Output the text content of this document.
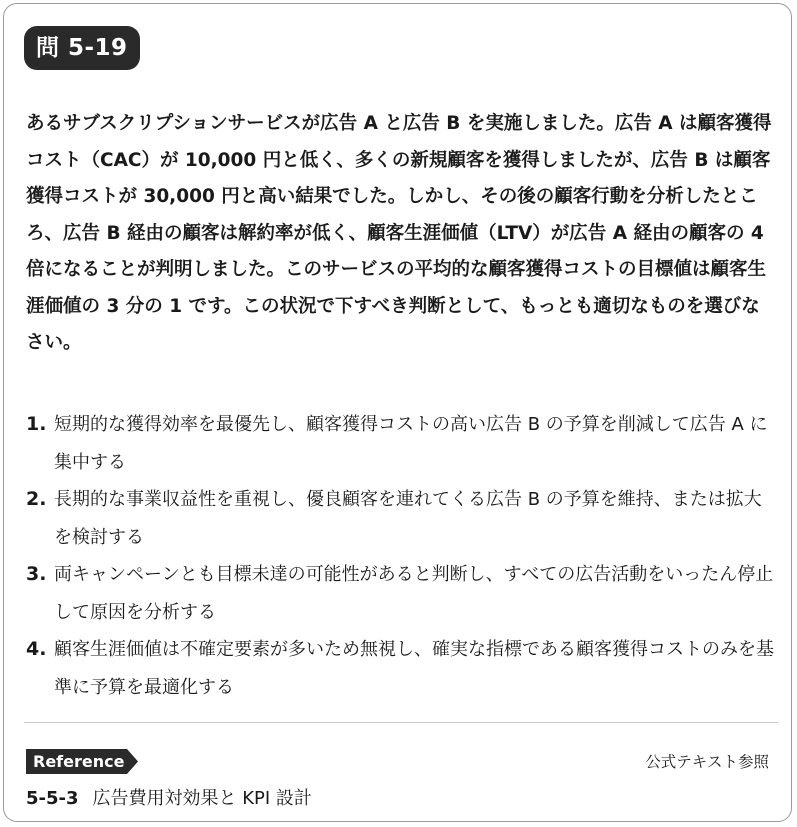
問 5-19
あるサブスクリプションサービスが広告 A と広告 B を実施しました。広告 A は顧客獲得コスト（CAC）が 10,000 円と低く、多くの新規顧客を獲得しましたが、広告 B は顧客獲得コストが 30,000 円と高い結果でした。しかし、その後の顧客行動を分析したところ、広告 B 経由の顧客は解約率が低く、顧客生涯価値（LTV）が広告 A 経由の顧客の 4 倍になることが判明しました。このサービスの平均的な顧客獲得コストの目標値は顧客生涯価値の 3 分の 1 です。この状況で下すべき判断として、もっとも適切なものを選びなさい。
1. 短期的な獲得効率を最優先し、顧客獲得コストの高い広告 B の予算を削減して広告 A に集中する
2. 長期的な事業収益性を重視し、優良顧客を連れてくる広告 B の予算を維持、または拡大を検討する
3. 両キャンペーンとも目標未達の可能性があると判断し、すべての広告活動をいったん停止して原因を分析する
4. 顧客生涯価値は不確定要素が多いため無視し、確実な指標である顧客獲得コストのみを基準に予算を最適化する
Reference	公式テキスト参照
5-5-3 広告費用対効果と KPI 設計
